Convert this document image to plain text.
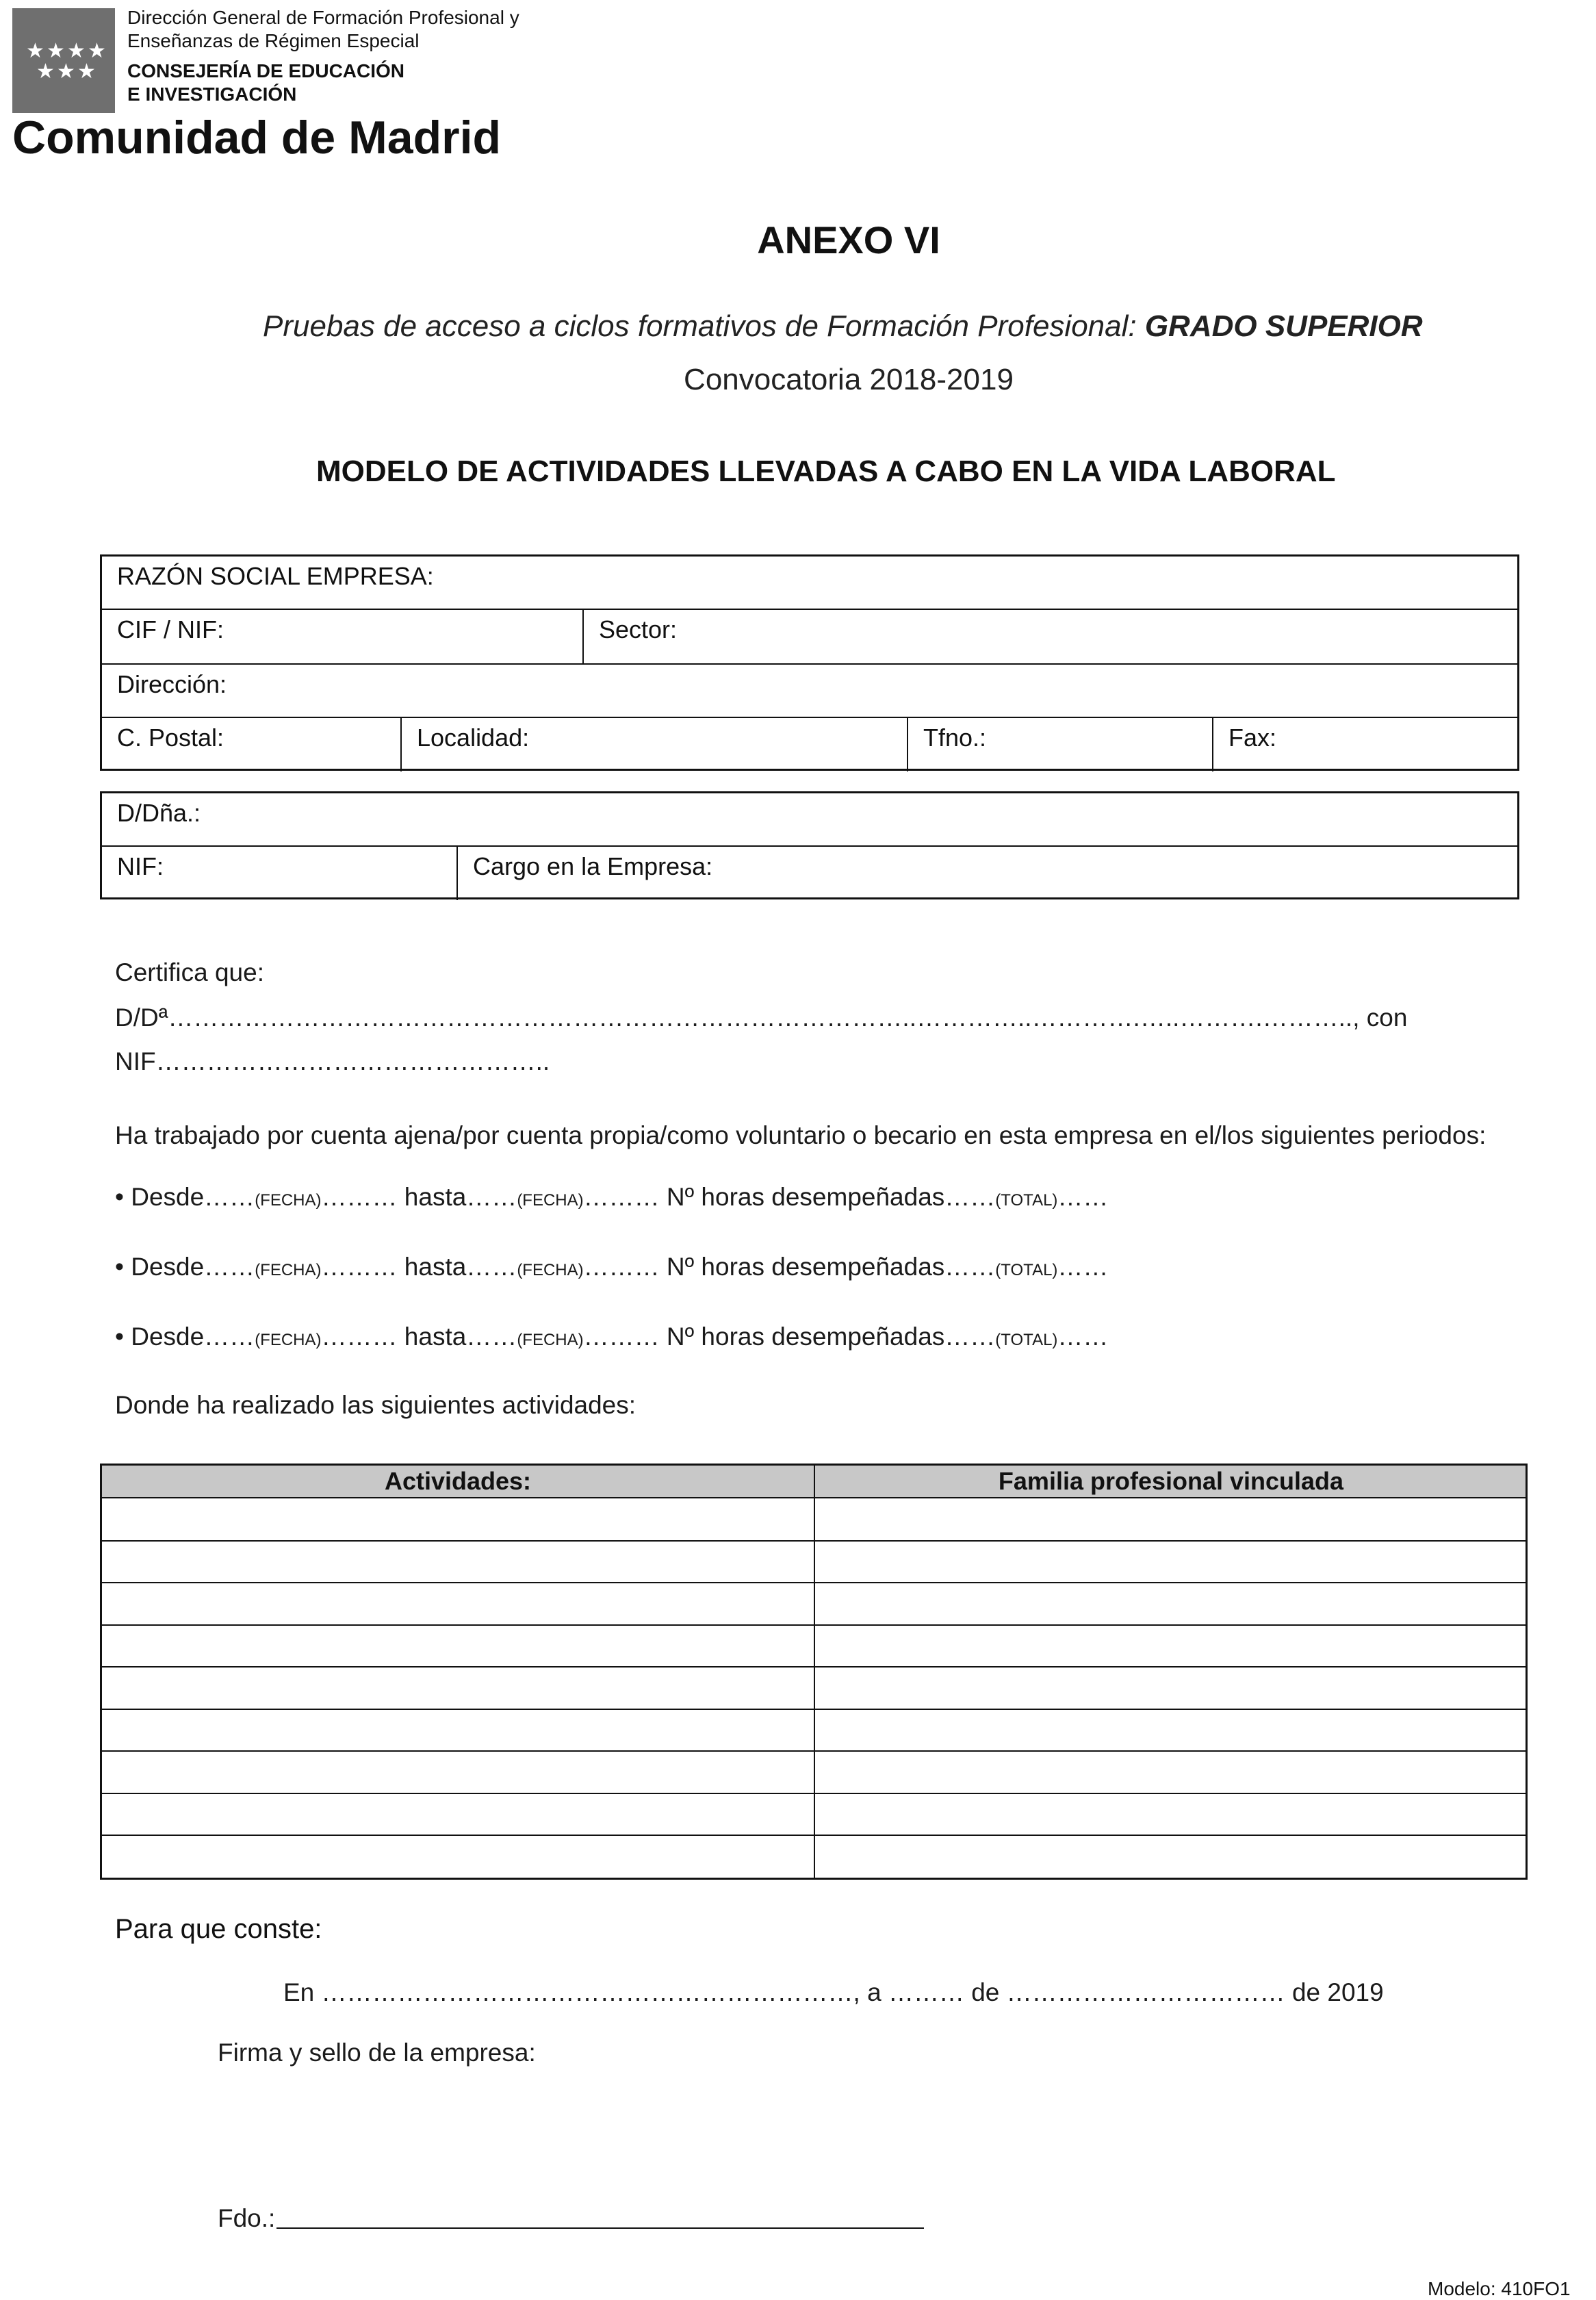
★ ★ ★ ★
★ ★ ★
Dirección General de Formación Profesional y
Enseñanzas de Régimen Especial
CONSEJERÍA DE EDUCACIÓN
E INVESTIGACIÓN
Comunidad de Madrid
ANEXO VI
Pruebas de acceso a ciclos formativos de Formación Profesional: GRADO SUPERIOR
Convocatoria 2018-2019
MODELO DE ACTIVIDADES LLEVADAS A CABO EN LA VIDA LABORAL
RAZÓN SOCIAL EMPRESA:
CIF / NIF:	Sector:
Dirección:
C. Postal:	Localidad:	Tfno.:	Fax:
D/Dña.:
NIF:	Cargo en la Empresa:
Certifica que:
D/Dª……………………………………………………………………………..…………..………….…..……….……….., con
NIF………………………………………..
Ha trabajado por cuenta ajena/por cuenta propia/como voluntario o becario en esta empresa en el/los siguientes periodos:
• Desde……(FECHA)……… hasta……(FECHA)……… Nº horas desempeñadas……(TOTAL)……
• Desde……(FECHA)……… hasta……(FECHA)……… Nº horas desempeñadas……(TOTAL)……
• Desde……(FECHA)……… hasta……(FECHA)……… Nº horas desempeñadas……(TOTAL)……
Donde ha realizado las siguientes actividades:
Actividades:	Familia profesional vinculada
Para que conste:
En ………………………………………………………, a ……… de …………………………… de 2019
Firma y sello de la empresa:
Fdo.:
Modelo: 410FO1
